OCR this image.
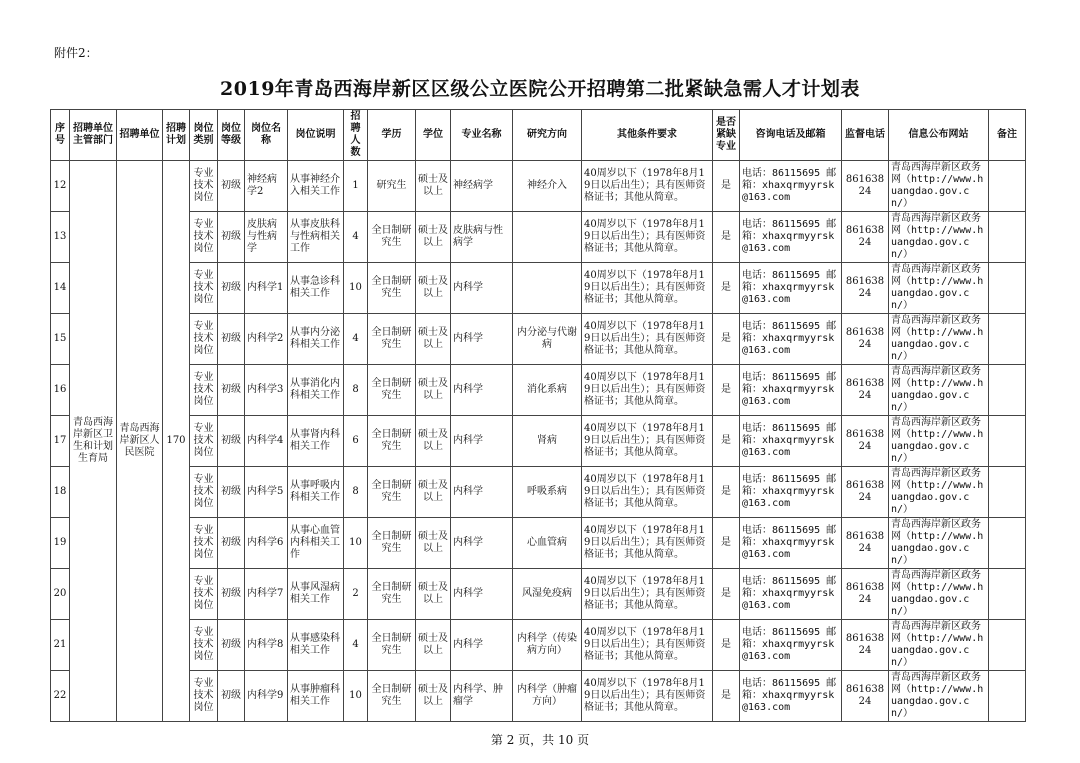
附件2：
2019年青岛西海岸新区区级公立医院公开招聘第二批紧缺急需人才计划表
序号	招聘单位主管部门	招聘单位	招聘计划	岗位类别	岗位等级	岗位名称	岗位说明	招聘人数	学历	学位	专业名称	研究方向	其他条件要求	是否紧缺专业	咨询电话及邮箱	监督电话	信息公布网站	备注
12	青岛西海岸新区卫生和计划生育局	青岛西海岸新区人民医院	170	专业技术岗位	初级	神经病学2	从事神经介入相关工作	1	研究生	硕士及以上	神经病学	神经介入	40周岁以下（1978年8月19日以后出生）；具有医师资格证书；其他从简章。	是	电话：86115695 邮箱：xhaxqrmyyrsk@163.com	86163824	青岛西海岸新区政务网（http://www.huangdao.gov.cn/）	
13				专业技术岗位	初级	皮肤病与性病学	从事皮肤科与性病相关工作	4	全日制研究生	硕士及以上	皮肤病与性病学		40周岁以下（1978年8月19日以后出生）；具有医师资格证书；其他从简章。	是	电话：86115695 邮箱：xhaxqrmyyrsk@163.com	86163824	青岛西海岸新区政务网（http://www.huangdao.gov.cn/）	
14				专业技术岗位	初级	内科学1	从事急诊科相关工作	10	全日制研究生	硕士及以上	内科学		40周岁以下（1978年8月19日以后出生）；具有医师资格证书；其他从简章。	是	电话：86115695 邮箱：xhaxqrmyyrsk@163.com	86163824	青岛西海岸新区政务网（http://www.huangdao.gov.cn/）	
15				专业技术岗位	初级	内科学2	从事内分泌科相关工作	4	全日制研究生	硕士及以上	内科学	内分泌与代谢病	40周岁以下（1978年8月19日以后出生）；具有医师资格证书；其他从简章。	是	电话：86115695 邮箱：xhaxqrmyyrsk@163.com	86163824	青岛西海岸新区政务网（http://www.huangdao.gov.cn/）	
16				专业技术岗位	初级	内科学3	从事消化内科相关工作	8	全日制研究生	硕士及以上	内科学	消化系病	40周岁以下（1978年8月19日以后出生）；具有医师资格证书；其他从简章。	是	电话：86115695 邮箱：xhaxqrmyyrsk@163.com	86163824	青岛西海岸新区政务网（http://www.huangdao.gov.cn/）	
17				专业技术岗位	初级	内科学4	从事肾内科相关工作	6	全日制研究生	硕士及以上	内科学	肾病	40周岁以下（1978年8月19日以后出生）；具有医师资格证书；其他从简章。	是	电话：86115695 邮箱：xhaxqrmyyrsk@163.com	86163824	青岛西海岸新区政务网（http://www.huangdao.gov.cn/）	
18				专业技术岗位	初级	内科学5	从事呼吸内科相关工作	8	全日制研究生	硕士及以上	内科学	呼吸系病	40周岁以下（1978年8月19日以后出生）；具有医师资格证书；其他从简章。	是	电话：86115695 邮箱：xhaxqrmyyrsk@163.com	86163824	青岛西海岸新区政务网（http://www.huangdao.gov.cn/）	
19				专业技术岗位	初级	内科学6	从事心血管内科相关工作	10	全日制研究生	硕士及以上	内科学	心血管病	40周岁以下（1978年8月19日以后出生）；具有医师资格证书；其他从简章。	是	电话：86115695 邮箱：xhaxqrmyyrsk@163.com	86163824	青岛西海岸新区政务网（http://www.huangdao.gov.cn/）	
20				专业技术岗位	初级	内科学7	从事风湿病相关工作	2	全日制研究生	硕士及以上	内科学	风湿免疫病	40周岁以下（1978年8月19日以后出生）；具有医师资格证书；其他从简章。	是	电话：86115695 邮箱：xhaxqrmyyrsk@163.com	86163824	青岛西海岸新区政务网（http://www.huangdao.gov.cn/）	
21				专业技术岗位	初级	内科学8	从事感染科相关工作	4	全日制研究生	硕士及以上	内科学	内科学（传染病方向）	40周岁以下（1978年8月19日以后出生）；具有医师资格证书；其他从简章。	是	电话：86115695 邮箱：xhaxqrmyyrsk@163.com	86163824	青岛西海岸新区政务网（http://www.huangdao.gov.cn/）	
22				专业技术岗位	初级	内科学9	从事肿瘤科相关工作	10	全日制研究生	硕士及以上	内科学、肿瘤学	内科学（肿瘤方向）	40周岁以下（1978年8月19日以后出生）；具有医师资格证书；其他从简章。	是	电话：86115695 邮箱：xhaxqrmyyrsk@163.com	86163824	青岛西海岸新区政务网（http://www.huangdao.gov.cn/）	
第 2 页，共 10 页
